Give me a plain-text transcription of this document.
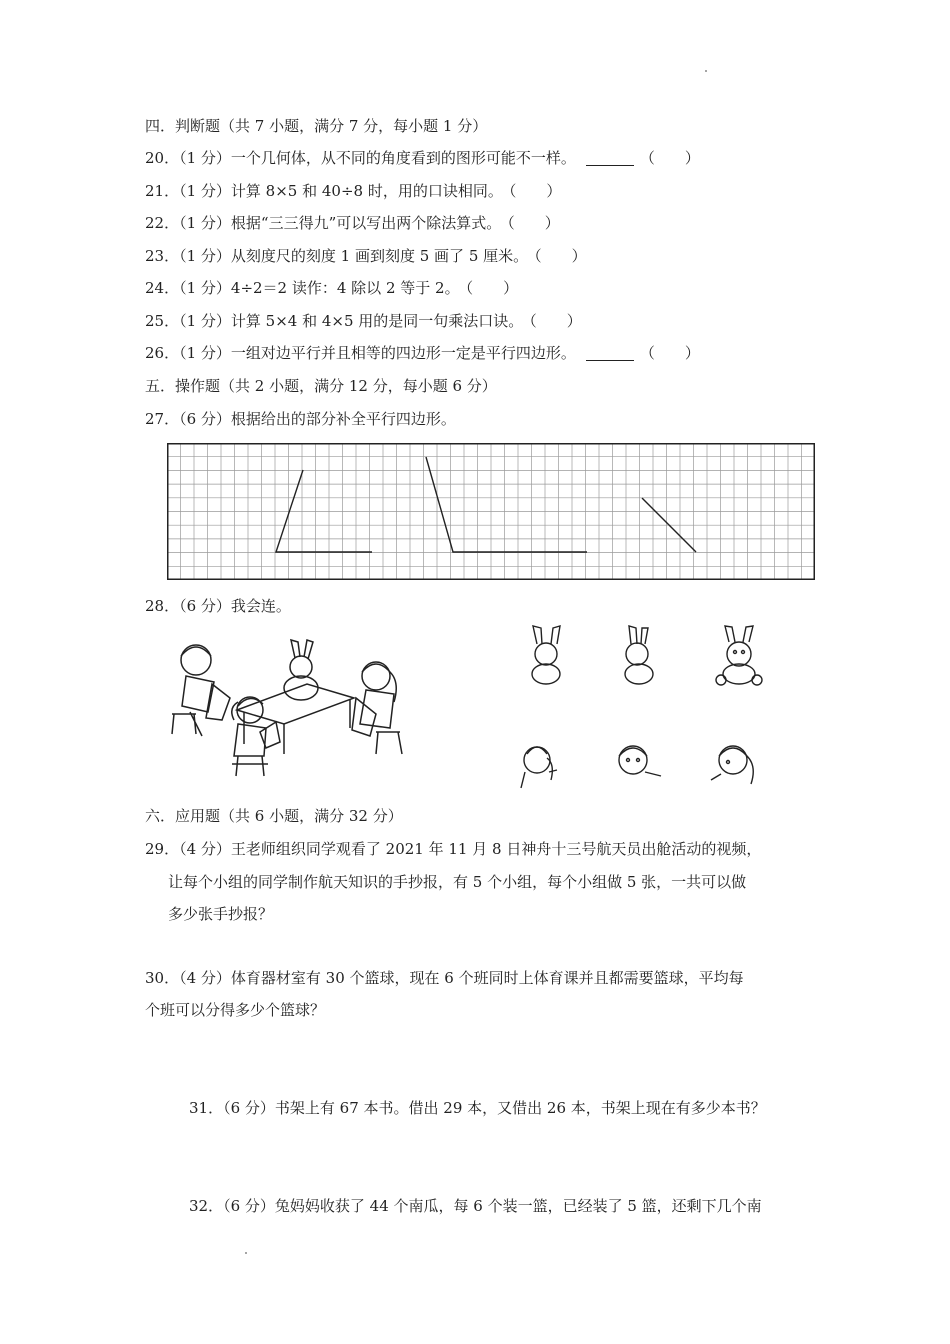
四．判断题（共 7 小题，满分 7 分，每小题 1 分）
20．（1 分）一个几何体，从不同的角度看到的图形可能不一样。	（　　）
21．（1 分）计算 8×5 和 40÷8 时，用的口诀相同。 （　　）
22．（1 分）根据“三三得九”可以写出两个除法算式。 （　　）
23．（1 分）从刻度尺的刻度 1 画到刻度 5 画了 5 厘米。 （　　）
24．（1 分）4÷2＝2 读作：4 除以 2 等于 2。 （　　）
25．（1 分）计算 5×4 和 4×5 用的是同一句乘法口诀。 （　　）
26．（1 分）一组对边平行并且相等的四边形一定是平行四边形。	（　　）
五．操作题（共 2 小题，满分 12 分，每小题 6 分）
27．（6 分）根据给出的部分补全平行四边形。
28．（6 分）我会连。
六．应用题（共 6 小题，满分 32 分）
29．（4 分）王老师组织同学观看了 2021 年 11 月 8 日神舟十三号航天员出舱活动的视频，
让每个小组的同学制作航天知识的手抄报，有 5 个小组，每个小组做 5 张，一共可以做
多少张手抄报？
30．（4 分）体育器材室有 30 个篮球，现在 6 个班同时上体育课并且都需要篮球，平均每
个班可以分得多少个篮球？
31．（6 分）书架上有 67 本书。借出 29 本，又借出 26 本，书架上现在有多少本书？
32．（6 分）兔妈妈收获了 44 个南瓜，每 6 个装一篮，已经装了 5 篮，还剩下几个南
